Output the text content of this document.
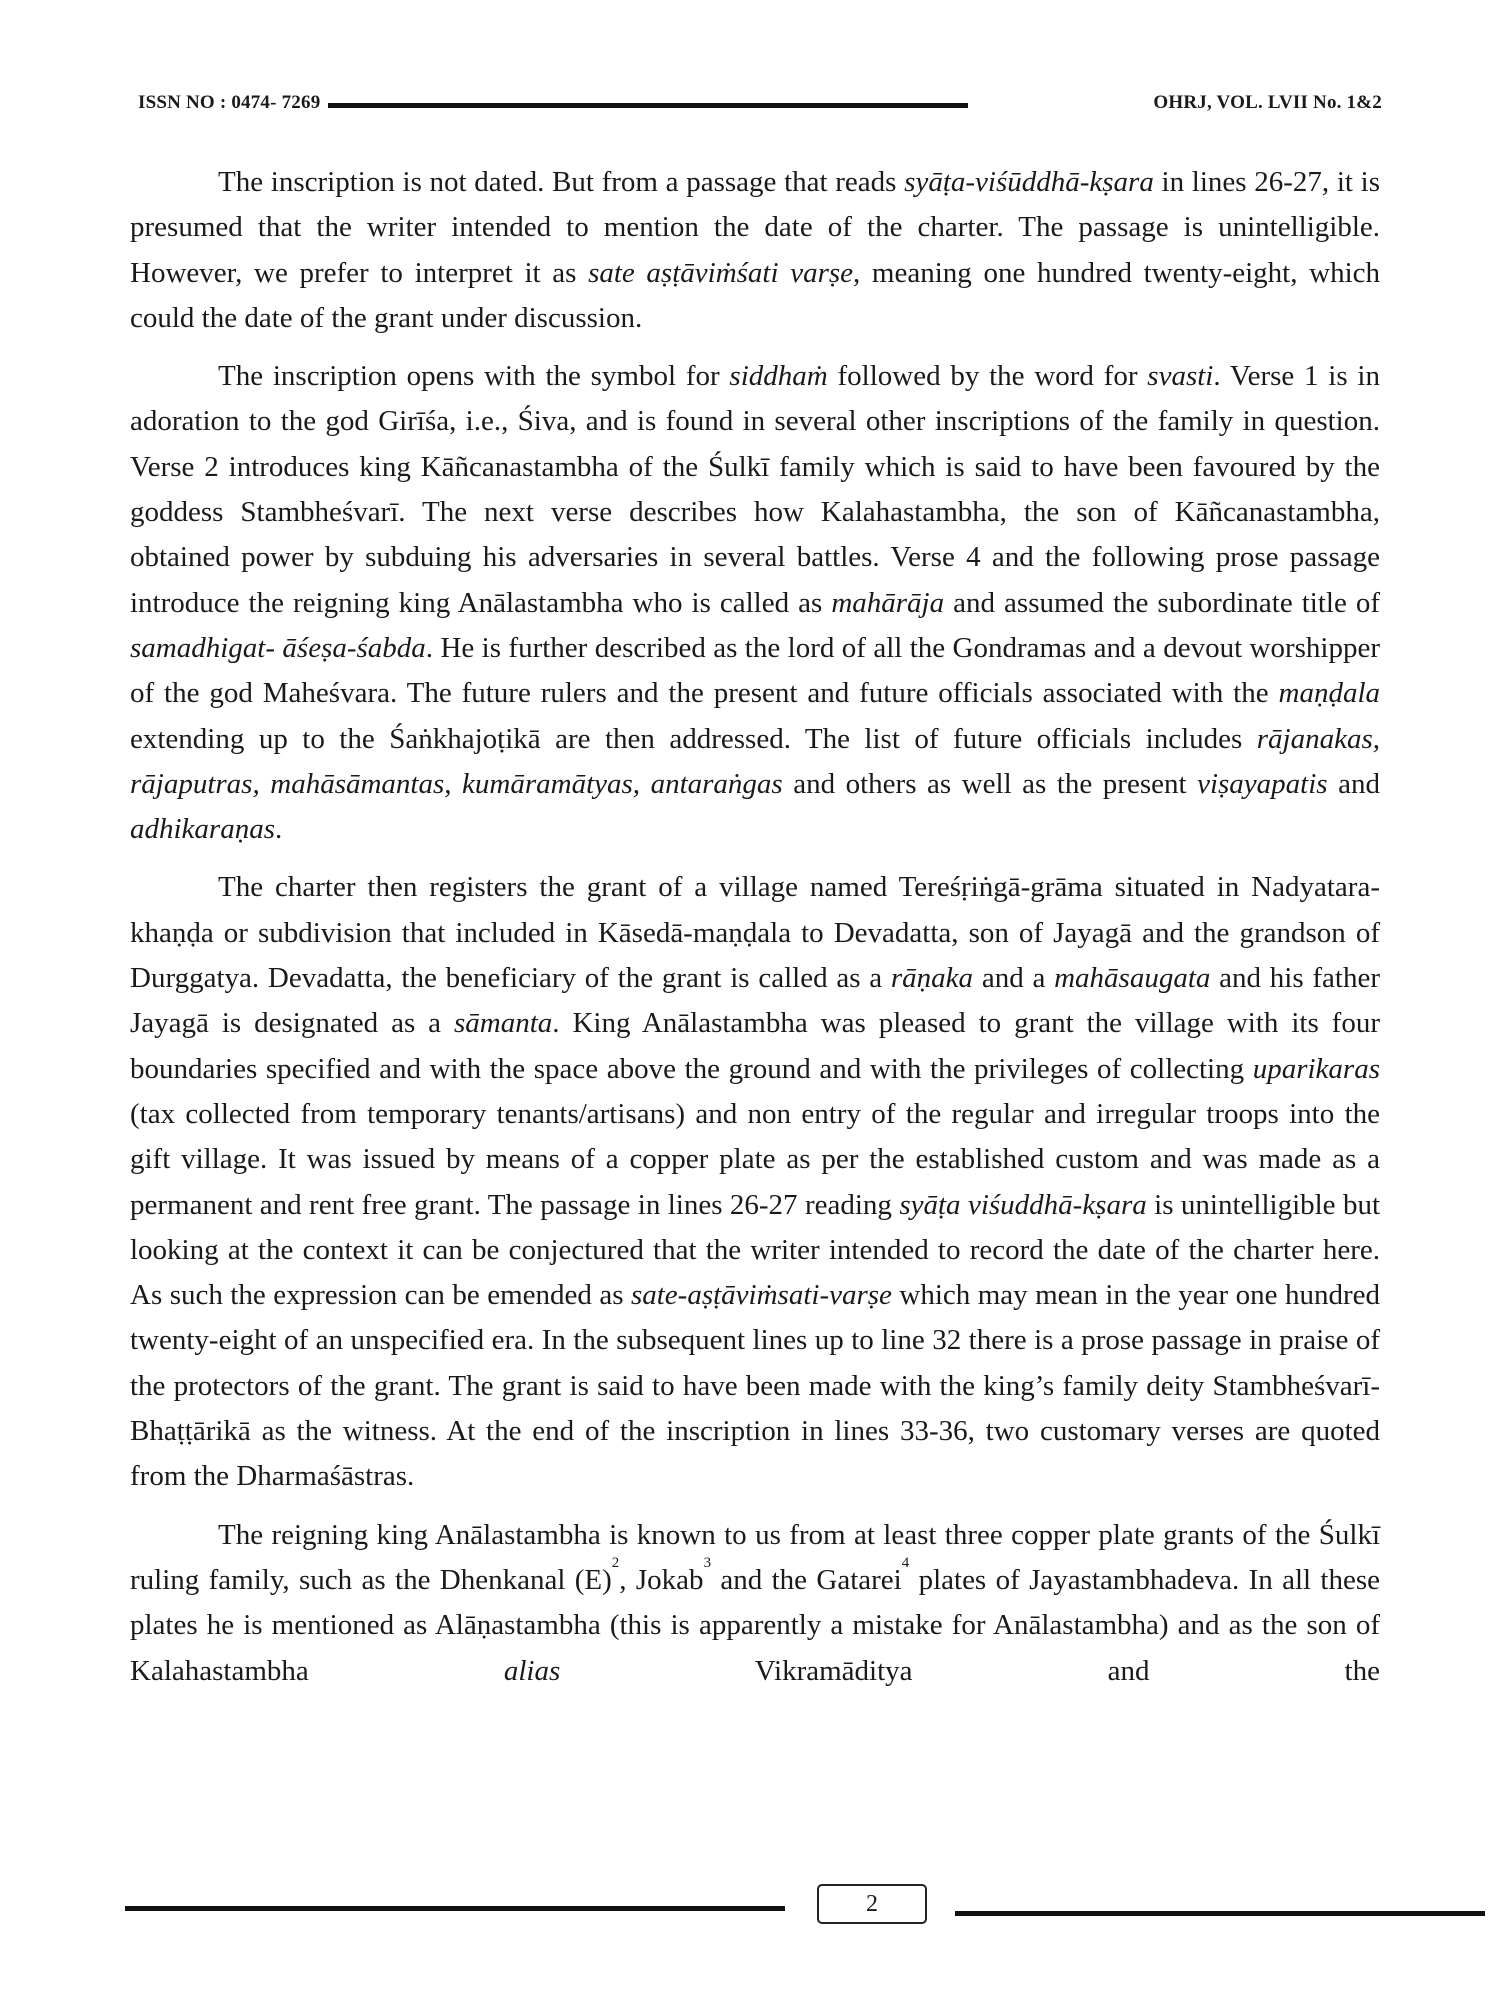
ISSN NO : 0474- 7269	OHRJ, VOL. LVII No. 1&2

The inscription is not dated. But from a passage that reads syāṭa-viśūddhā-kṣara in lines 26-27, it is presumed that the writer intended to mention the date of the charter. The passage is unintelligible. However, we prefer to interpret it as sate aṣṭāviṁśati varṣe, meaning one hundred twenty-eight, which could the date of the grant under discussion.

The inscription opens with the symbol for siddhaṁ followed by the word for svasti. Verse 1 is in adoration to the god Girīśa, i.e., Śiva, and is found in several other inscriptions of the family in question. Verse 2 introduces king Kāñcanastambha of the Śulkī family which is said to have been favoured by the goddess Stambheśvarī. The next verse describes how Kalahastambha, the son of Kāñcanastambha, obtained power by subduing his adversaries in several battles. Verse 4 and the following prose passage introduce the reigning king Anālastambha who is called as mahārāja and assumed the subordinate title of samadhigat- āśeṣa-śabda. He is further described as the lord of all the Gondramas and a devout worshipper of the god Maheśvara. The future rulers and the present and future officials associated with the maṇḍala extending up to the Śaṅkhajoṭikā are then addressed. The list of future officials includes rājanakas, rājaputras, mahāsāmantas, kumāramātyas, antaraṅgas and others as well as the present viṣayapatis and adhikaraṇas.

The charter then registers the grant of a village named Tereśṛiṅgā-grāma situated in Nadyatara-khaṇḍa or subdivision that included in Kāsedā-maṇḍala to Devadatta, son of Jayagā and the grandson of Durggatya. Devadatta, the beneficiary of the grant is called as a rāṇaka and a mahāsaugata and his father Jayagā is designated as a sāmanta. King Anālastambha was pleased to grant the village with its four boundaries specified and with the space above the ground and with the privileges of collecting uparikaras (tax collected from temporary tenants/artisans) and non entry of the regular and irregular troops into the gift village. It was issued by means of a copper plate as per the established custom and was made as a permanent and rent free grant. The passage in lines 26-27 reading syāṭa viśuddhā-kṣara is unintelligible but looking at the context it can be conjectured that the writer intended to record the date of the charter here. As such the expression can be emended as sate-aṣṭāviṁsati-varṣe which may mean in the year one hundred twenty-eight of an unspecified era. In the subsequent lines up to line 32 there is a prose passage in praise of the protectors of the grant. The grant is said to have been made with the king’s family deity Stambheśvarī-Bhaṭṭārikā as the witness. At the end of the inscription in lines 33-36, two customary verses are quoted from the Dharmaśāstras.

The reigning king Anālastambha is known to us from at least three copper plate grants of the Śulkī ruling family, such as the Dhenkanal $(E)^2$, Jokab$^3$ and the Gatarei$^4$ plates of Jayastambhadeva. In all these plates he is mentioned as Alāṇastambha (this is apparently a mistake for Anālastambha) and as the son of Kalahastambha alias Vikramāditya and the

2
